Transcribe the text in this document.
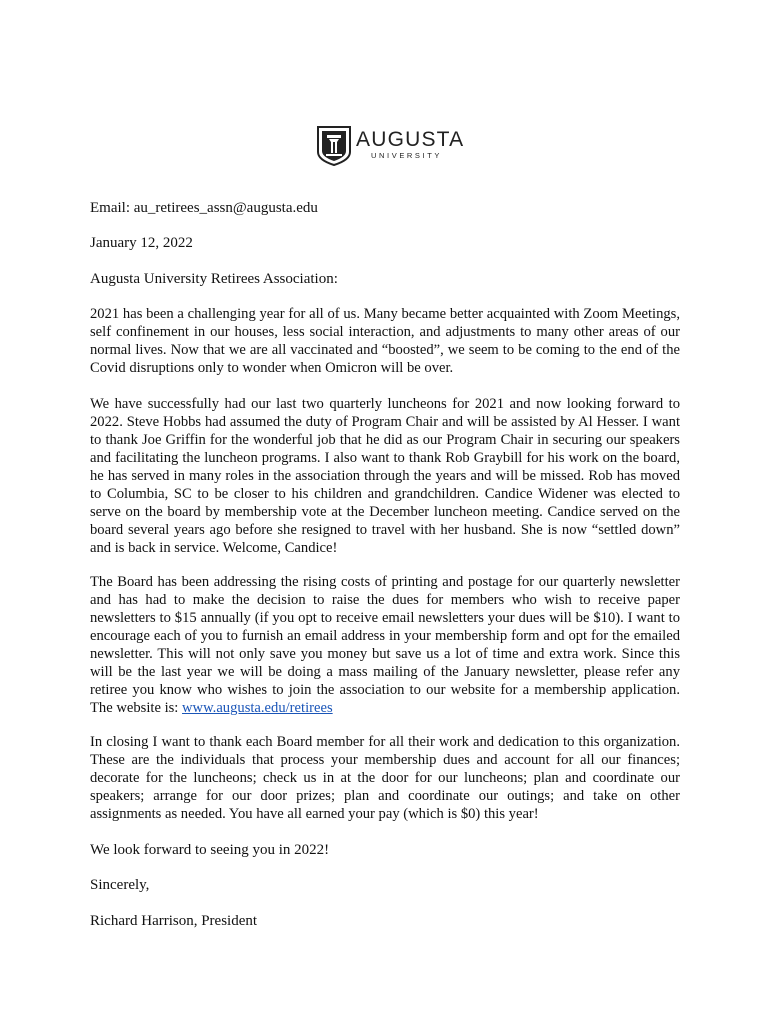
AUGUSTA
UNIVERSITY

Email: au_retirees_assn@augusta.edu

January 12, 2022

Augusta University Retirees Association:

2021 has been a challenging year for all of us. Many became better acquainted with Zoom Meetings, self confinement in our houses, less social interaction, and adjustments to many other areas of our normal lives. Now that we are all vaccinated and “boosted”, we seem to be coming to the end of the Covid disruptions only to wonder when Omicron will be over.

We have successfully had our last two quarterly luncheons for 2021 and now looking forward to 2022. Steve Hobbs had assumed the duty of Program Chair and will be assisted by Al Hesser. I want to thank Joe Griffin for the wonderful job that he did as our Program Chair in securing our speakers and facilitating the luncheon programs. I also want to thank Rob Graybill for his work on the board, he has served in many roles in the association through the years and will be missed. Rob has moved to Columbia, SC to be closer to his children and grandchildren. Candice Widener was elected to serve on the board by membership vote at the December luncheon meeting. Candice served on the board several years ago before she resigned to travel with her husband. She is now “settled down” and is back in service. Welcome, Candice!

The Board has been addressing the rising costs of printing and postage for our quarterly newsletter and has had to make the decision to raise the dues for members who wish to receive paper newsletters to $15 annually (if you opt to receive email newsletters your dues will be $10). I want to encourage each of you to furnish an email address in your membership form and opt for the emailed newsletter. This will not only save you money but save us a lot of time and extra work. Since this will be the last year we will be doing a mass mailing of the January newsletter, please refer any retiree you know who wishes to join the association to our website for a membership application. The website is: www.augusta.edu/retirees

In closing I want to thank each Board member for all their work and dedication to this organization. These are the individuals that process your membership dues and account for all our finances; decorate for the luncheons; check us in at the door for our luncheons; plan and coordinate our speakers; arrange for our door prizes; plan and coordinate our outings; and take on other assignments as needed. You have all earned your pay (which is $0) this year!

We look forward to seeing you in 2022!

Sincerely,

Richard Harrison, President
